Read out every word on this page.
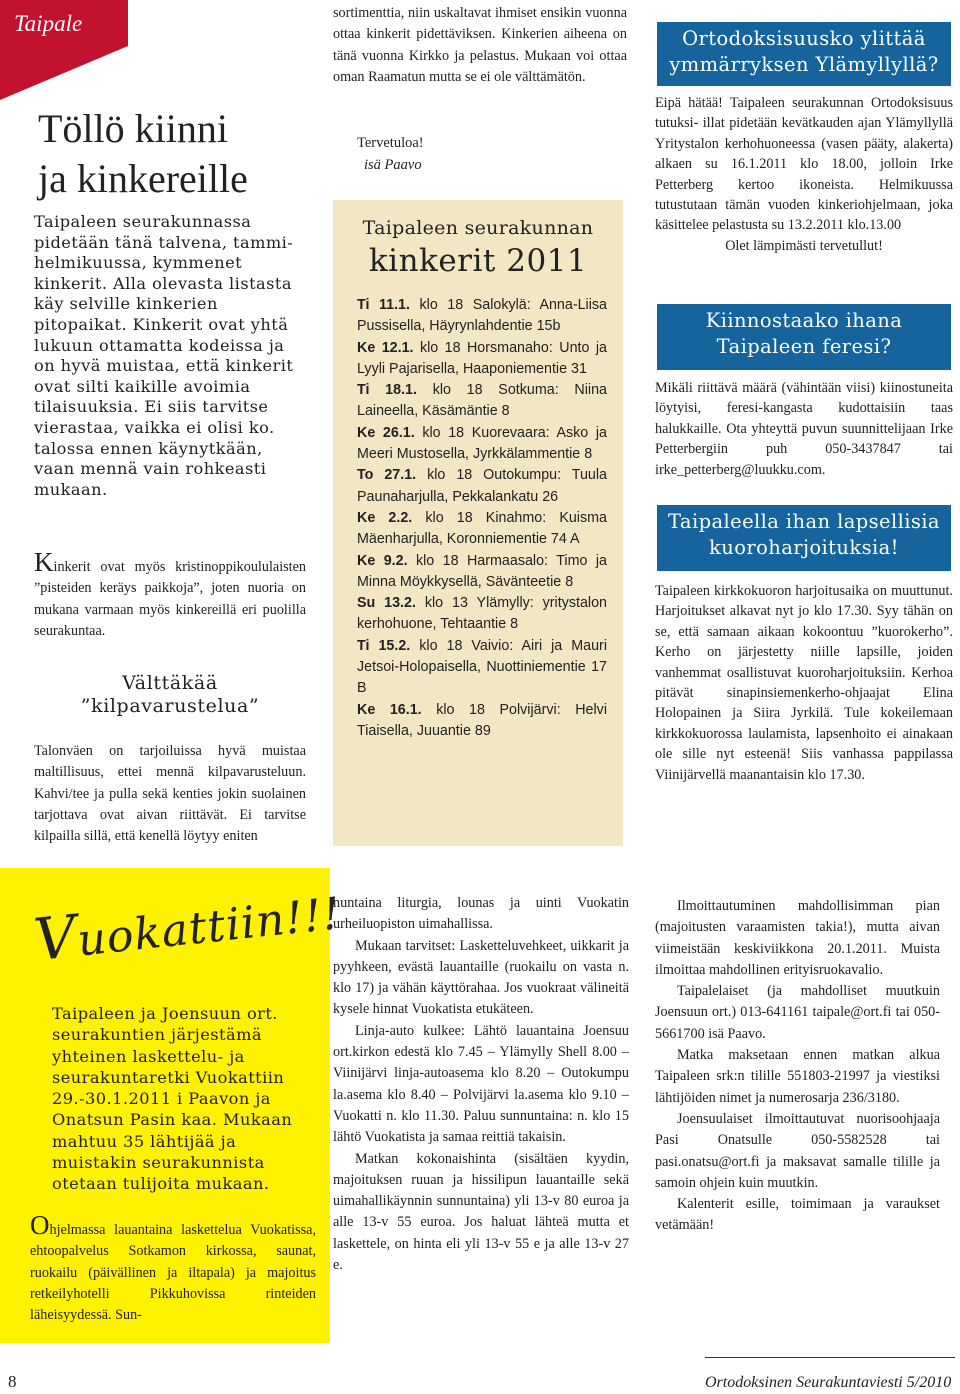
Taipale
Töllö kiinni
ja kinkereille
Taipaleen seurakunnassa pidetään tänä talvena, tammi-helmikuussa, kymmenet kinkerit. Alla olevasta listasta käy selville kinkerien pitopaikat. Kinkerit ovat yhtä lukuun ottamatta kodeissa ja on hyvä muistaa, että kinkerit ovat silti kaikille avoimia tilaisuuksia. Ei siis tarvitse vierastaa, vaikka ei olisi ko. talossa ennen käynytkään, vaan mennä vain rohkeasti mukaan.
Kinkerit ovat myös kristinoppikoululaisten ”pisteiden keräys paikkoja”, joten nuoria on mukana varmaan myös kinkereillä eri puolilla seurakuntaa.
Välttäkää
”kilpavarustelua”
Talonväen on tarjoiluissa hyvä muistaa maltillisuus, ettei mennä kilpavarusteluun. Kahvi/tee ja pulla sekä kenties jokin suolainen tarjottava ovat aivan riittävät. Ei tarvitse kilpailla sillä, että kenellä löytyy eniten
sortimenttia, niin uskaltavat ihmiset ensikin vuonna ottaa kinkerit pidettäviksen. Kinkerien aiheena on tänä vuonna Kirkko ja pelastus. Mukaan voi ottaa oman Raamatun mutta se ei ole välttämätön.
Tervetuloa!
isä Paavo
Taipaleen seurakunnan
kinkerit 2011

Ti 11.1. klo 18 Salokylä: Anna-Liisa Pussisella, Häyrynlahdentie 15b

Ke 12.1. klo 18 Horsmanaho: Unto ja Lyyli Pajarisella, Haaponiementie 31

Ti 18.1. klo 18 Sotkuma: Niina Laineella, Käsämäntie 8

Ke 26.1. klo 18 Kuorevaara: Asko ja Meeri Mustosella, Jyrkkälammentie 8

To 27.1. klo 18 Outokumpu: Tuula Paunaharjulla, Pekkalankatu 26

Ke 2.2. klo 18 Kinahmo: Kuisma Mäenharjulla, Koronniementie 74 A

Ke 9.2. klo 18 Harmaasalo: Timo ja Minna Möykkysellä, Sävänteetie 8

Su 13.2. klo 13 Ylämylly: yritystalon kerhohuone, Tehtaantie 8

Ti 15.2. klo 18 Vaivio: Airi ja Mauri Jetsoi-Holopaisella, Nuottiniementie 17 B

Ke 16.1. klo 18 Polvijärvi: Helvi Tiaisella, Juuantie 89

Ortodoksisuusko ylittää
ymmärryksen Ylämyllyllä?

Eipä hätää! Taipaleen seurakunnan Ortodoksisuus tutuksi- illat pidetään kevätkauden ajan Ylämyllyllä Yritystalon kerhohuoneessa (vasen pääty, alakerta) alkaen su 16.1.2011 klo 18.00, jolloin Irke Petterberg kertoo ikoneista. Helmikuussa tutustutaan tämän vuoden kinkeriohjelmaan, joka käsittelee pelastusta su 13.2.2011 klo.13.00

Olet lämpimästi tervetullut!

Kiinnostaako ihana
Taipaleen feresi?
Mikäli riittävä määrä (vähintään viisi) kiinostuneita löytyisi, feresi-kangasta kudottaisiin taas halukkaille. Ota yhteyttä puvun suunnittelijaan Irke Petterbergiin puh 050-3437847 tai irke_petterberg@luukku.com.
Taipaleella ihan lapsellisia
kuoroharjoituksia!
Taipaleen kirkkokuoron harjoitusaika on muuttunut. Harjoitukset alkavat nyt jo klo 17.30. Syy tähän on se, että samaan aikaan kokoontuu ”kuorokerho”. Kerho on järjestetty niille lapsille, joiden vanhemmat osallistuvat kuoroharjoituksiin. Kerhoa pitävät sinapinsiemenkerho-ohjaajat Elina Holopainen ja Siira Jyrkilä. Tule kokeilemaan kirkkokuorossa laulamista, lapsenhoito ei ainakaan ole sille nyt esteenä! Siis vanhassa pappilassa Viinijärvellä maanantaisin klo 17.30.
Vuokattiin!!!
Taipaleen ja Joensuun ort. seurakuntien järjestämä yhteinen laskettelu- ja seurakuntaretki Vuokattiin 29.-30.1.2011 i Paavon ja Onatsun Pasin kaa. Mukaan mahtuu 35 lähtijää ja muistakin seurakunnista otetaan tulijoita mukaan.
Ohjelmassa lauantaina laskettelua Vuokatissa, ehtoopalvelus Sotkamon kirkossa, saunat, ruokailu (päivällinen ja iltapala) ja majoitus retkeilyhotelli Pikkuhovissa rinteiden läheisyydessä. Sun-

nuntaina liturgia, lounas ja uinti Vuokatin urheiluopiston uimahallissa.

Mukaan tarvitset: Lasketteluvehkeet, uikkarit ja pyyhkeen, evästä lauantaille (ruokailu on vasta n. klo 17) ja vähän käyttörahaa. Jos vuokraat välineitä kysele hinnat Vuokatista etukäteen.

Linja-auto kulkee: Lähtö lauantaina Joensuu ort.kirkon edestä klo 7.45 – Ylämylly Shell 8.00 – Viinijärvi linja-autoasema klo 8.20 – Outokumpu la.asema klo 8.40 – Polvijärvi la.asema klo 9.10 – Vuokatti n. klo 11.30. Paluu sunnuntaina: n. klo 15 lähtö Vuokatista ja samaa reittiä takaisin.

Matkan kokonaishinta (sisältäen kyydin, majoituksen ruuan ja hissilipun lauantaille sekä uimahallikäynnin sunnuntaina) yli 13-v 80 euroa ja alle 13-v 55 euroa. Jos haluat lähteä mutta et laskettele, on hinta eli yli 13-v 55 e ja alle 13-v 27 e.

Ilmoittautuminen mahdollisimman pian (majoitusten varaamisten takia!), mutta aivan viimeistään keskiviikkona 20.1.2011. Muista ilmoittaa mahdollinen erityisruokavalio.

Taipalelaiset (ja mahdolliset muutkuin Joensuun ort.) 013-641161 taipale@ort.fi tai 050-5661700 isä Paavo.

Matka maksetaan ennen matkan alkua Taipaleen srk:n tilille 551803-21997 ja viestiksi lähtijöiden nimet ja numerosarja 236/3180.

Joensuulaiset ilmoittautuvat nuorisoohjaaja Pasi Onatsulle 050-5582528 tai pasi.onatsu@ort.fi ja maksavat samalle tilille ja samoin ohjein kuin muutkin.

Kalenterit esille, toimimaan ja varaukset vetämään!

8	Ortodoksinen Seurakuntaviesti 5/2010
